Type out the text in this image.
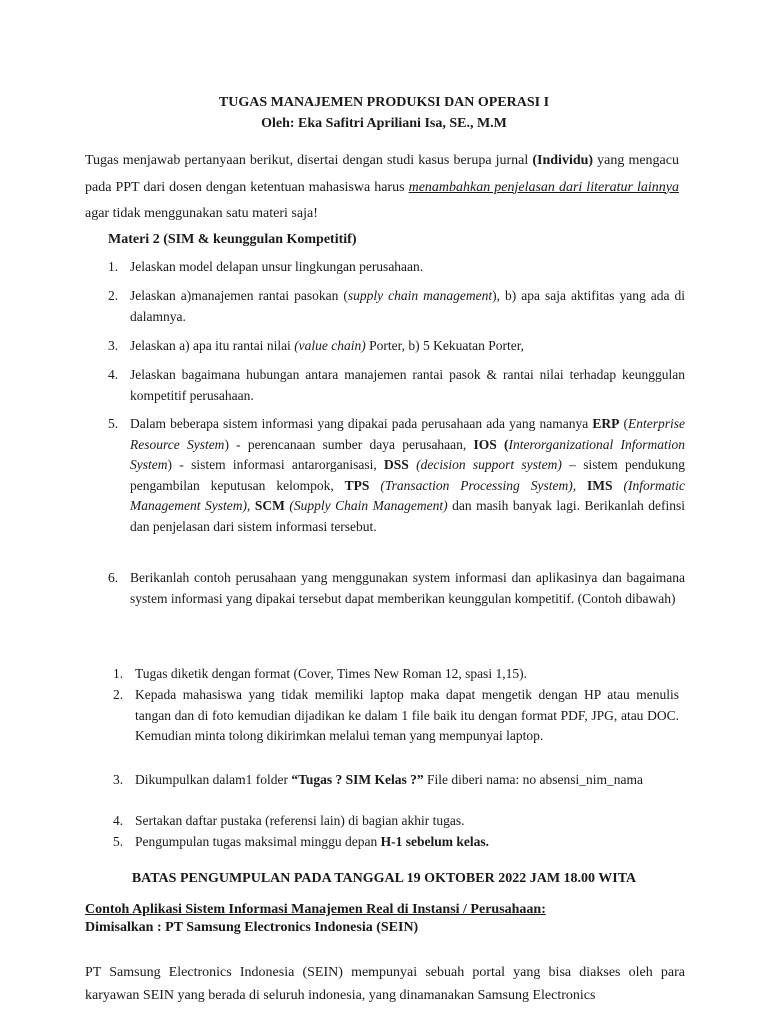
TUGAS MANAJEMEN PRODUKSI DAN OPERASI I
Oleh: Eka Safitri Apriliani Isa, SE., M.M

Tugas menjawab pertanyaan berikut, disertai dengan studi kasus berupa jurnal (Individu) yang mengacu pada PPT dari dosen dengan ketentuan mahasiswa harus menambahkan penjelasan dari literatur lainnya agar tidak menggunakan satu materi saja!

Materi 2 (SIM & keunggulan Kompetitif)
1. Jelaskan model delapan unsur lingkungan perusahaan.
2. Jelaskan a)manajemen rantai pasokan (supply chain management), b) apa saja aktifitas yang ada di dalamnya.
3. Jelaskan a) apa itu rantai nilai (value chain) Porter, b) 5 Kekuatan Porter,
4. Jelaskan bagaimana hubungan antara manajemen rantai pasok & rantai nilai terhadap keunggulan kompetitif perusahaan.
5. Dalam beberapa sistem informasi yang dipakai pada perusahaan ada yang namanya ERP (Enterprise Resource System) - perencanaan sumber daya perusahaan, IOS (Interorganizational Information System) - sistem informasi antarorganisasi, DSS (decision support system) – sistem pendukung pengambilan keputusan kelompok, TPS (Transaction Processing System), IMS (Informatic Management System), SCM (Supply Chain Management) dan masih banyak lagi. Berikanlah definsi dan penjelasan dari sistem informasi tersebut.
6. Berikanlah contoh perusahaan yang menggunakan system informasi dan aplikasinya dan bagaimana system informasi yang dipakai tersebut dapat memberikan keunggulan kompetitif. (Contoh dibawah)
1. Tugas diketik dengan format (Cover, Times New Roman 12, spasi 1,15).
2. Kepada mahasiswa yang tidak memiliki laptop maka dapat mengetik dengan HP atau menulis tangan dan di foto kemudian dijadikan ke dalam 1 file baik itu dengan format PDF, JPG, atau DOC. Kemudian minta tolong dikirimkan melalui teman yang mempunyai laptop.
3. Dikumpulkan dalam1 folder “Tugas ? SIM Kelas ?” File diberi nama: no absensi_nim_nama
4. Sertakan daftar pustaka (referensi lain) di bagian akhir tugas.
5. Pengumpulan tugas maksimal minggu depan H-1 sebelum kelas.
BATAS PENGUMPULAN PADA TANGGAL 19 OKTOBER 2022 JAM 18.00 WITA
Contoh Aplikasi Sistem Informasi Manajemen Real di Instansi / Perusahaan:
Dimisalkan : PT Samsung Electronics Indonesia (SEIN)
PT Samsung Electronics Indonesia (SEIN) mempunyai sebuah portal yang bisa diakses oleh para karyawan SEIN yang berada di seluruh indonesia, yang dinamanakan Samsung Electronics
